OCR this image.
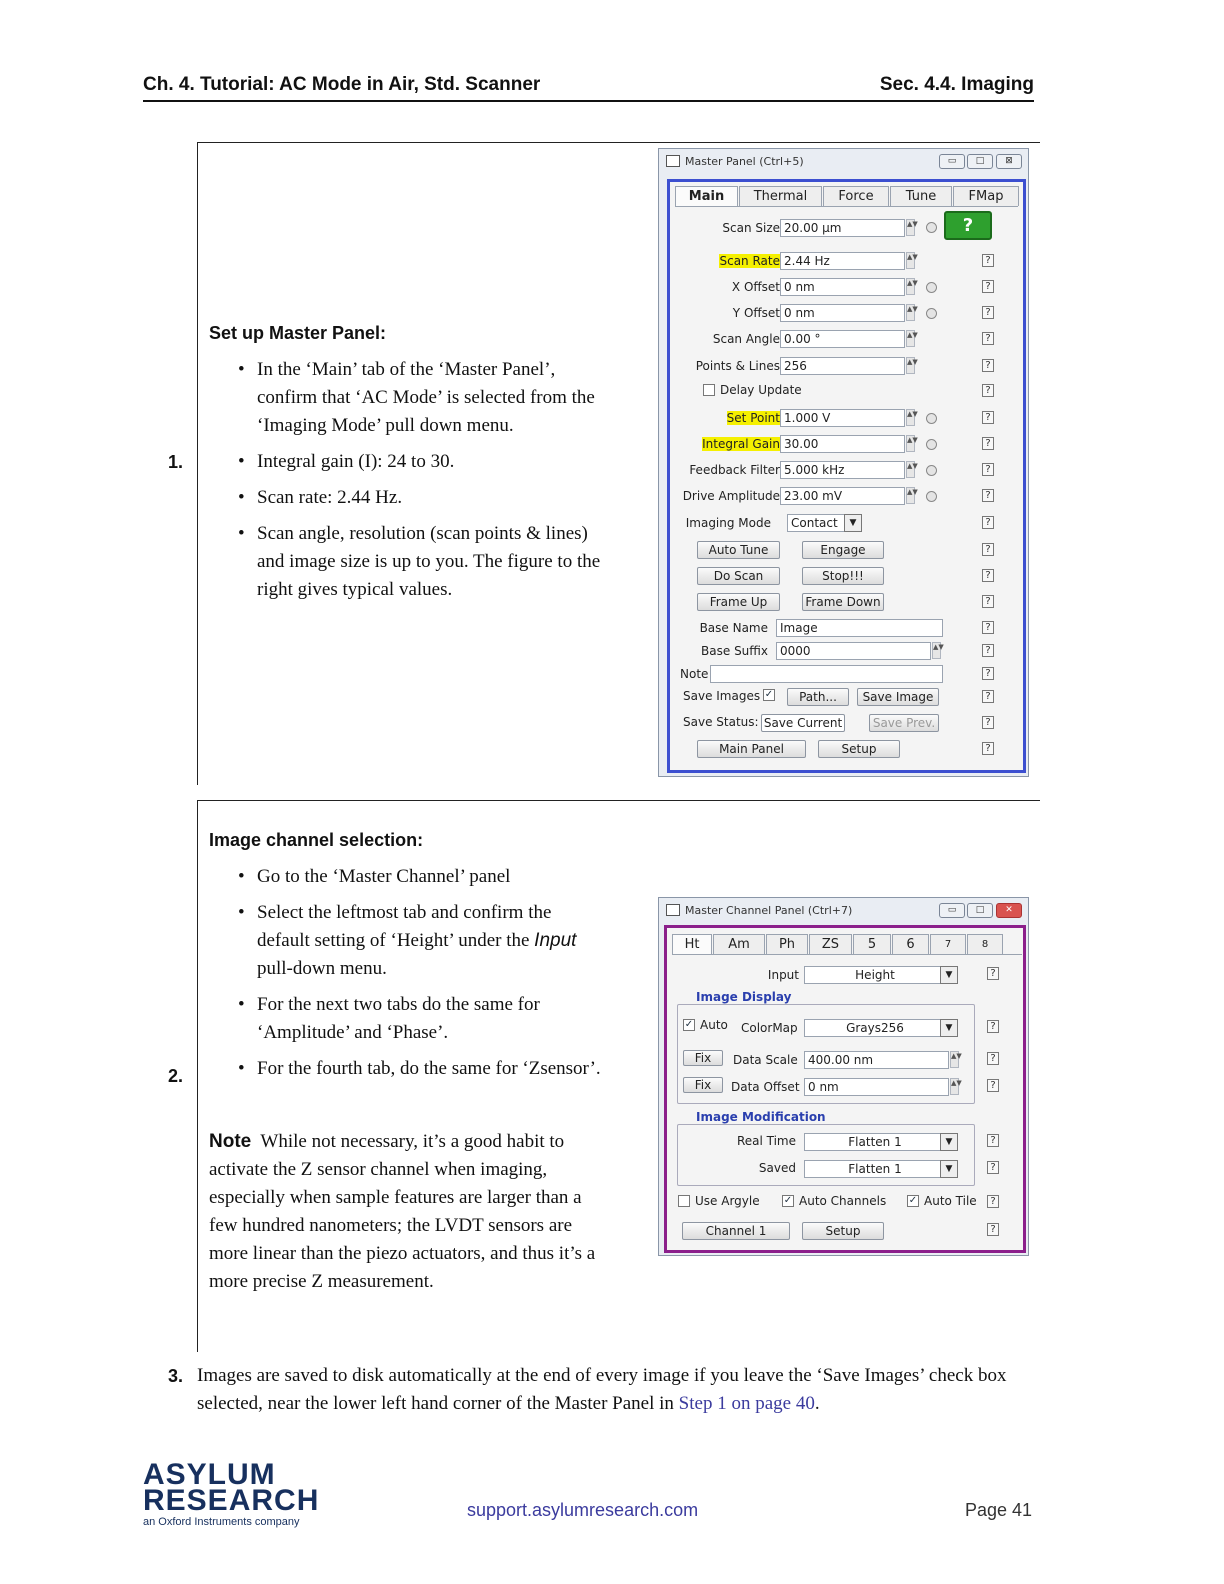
Ch. 4. Tutorial: AC Mode in Air, Std. Scanner	Sec. 4.4. Imaging
1.
Set up Master Panel:
• In the ‘Main’ tab of the ‘Master Panel’, confirm that ‘AC Mode’ is selected from the ‘Imaging Mode’ pull down menu.
• Integral gain (I): 24 to 30.
• Scan rate: 2.44 Hz.
• Scan angle, resolution (scan points & lines) and image size is up to you. The figure to the right gives typical values.
Master Panel (Ctrl+5)	▭	□	⊠
Main	Thermal	Force	Tune	FMap
?
Scan Size 20.00 µm	▲▼
Scan Rate 2.44 Hz	▲▼	?
X Offset 0 nm	▲▼	?
Y Offset 0 nm	▲▼	?
Scan Angle 0.00 °	▲▼	?
Points & Lines 256	▲▼	?
Delay Update	?
Set Point 1.000 V	▲▼	?
Integral Gain 30.00	▲▼	?
Feedback Filter 5.000 kHz	▲▼	?
Drive Amplitude 23.00 mV	▲▼	?
Imaging Mode	Contact	▼	?
Auto Tune	Engage	?
Do Scan	Stop!!!	?
Frame Up	Frame Down	?
Base Name	Image	?
Base Suffix	0000	▲▼	?
Note	?
Save Images ✓	Path...	Save Image	?
Save Status: Save Current	Save Prev.	?
Main Panel	Setup	?
2.
Image channel selection:
• Go to the ‘Master Channel’ panel
• Select the leftmost tab and confirm the default setting of ‘Height’ under the Input pull-down menu.
• For the next two tabs do the same for ‘Amplitude’ and ‘Phase’.
• For the fourth tab, do the same for ‘Zsensor’.
Note While not necessary, it’s a good habit to activate the Z sensor channel when imaging, especially when sample features are larger than a few hundred nanometers; the LVDT sensors are more linear than the piezo actuators, and thus it’s a more precise Z measurement.
Master Channel Panel (Ctrl+7)	▭	□	✕
Ht	Am	Ph	ZS	5	6	7	8
Input	Height	▼	?
Image Display
✓ Auto ColorMap	Grays256	▼	?
Fix	Data Scale 400.00 nm	▲▼	?
Fix	Data Offset 0 nm	▲▼	?
Image Modification
Real Time	Flatten 1	▼	?
Saved	Flatten 1	▼	?
Use Argyle ✓ Auto Channels ✓ Auto Tile	?
Channel 1	Setup	?
3. Images are saved to disk automatically at the end of every image if you leave the ‘Save Images’ check box selected, near the lower left hand corner of the Master Panel in Step 1 on page 40.
ASYLUM
RESEARCH
an Oxford Instruments company
support.asylumresearch.com	Page 41
